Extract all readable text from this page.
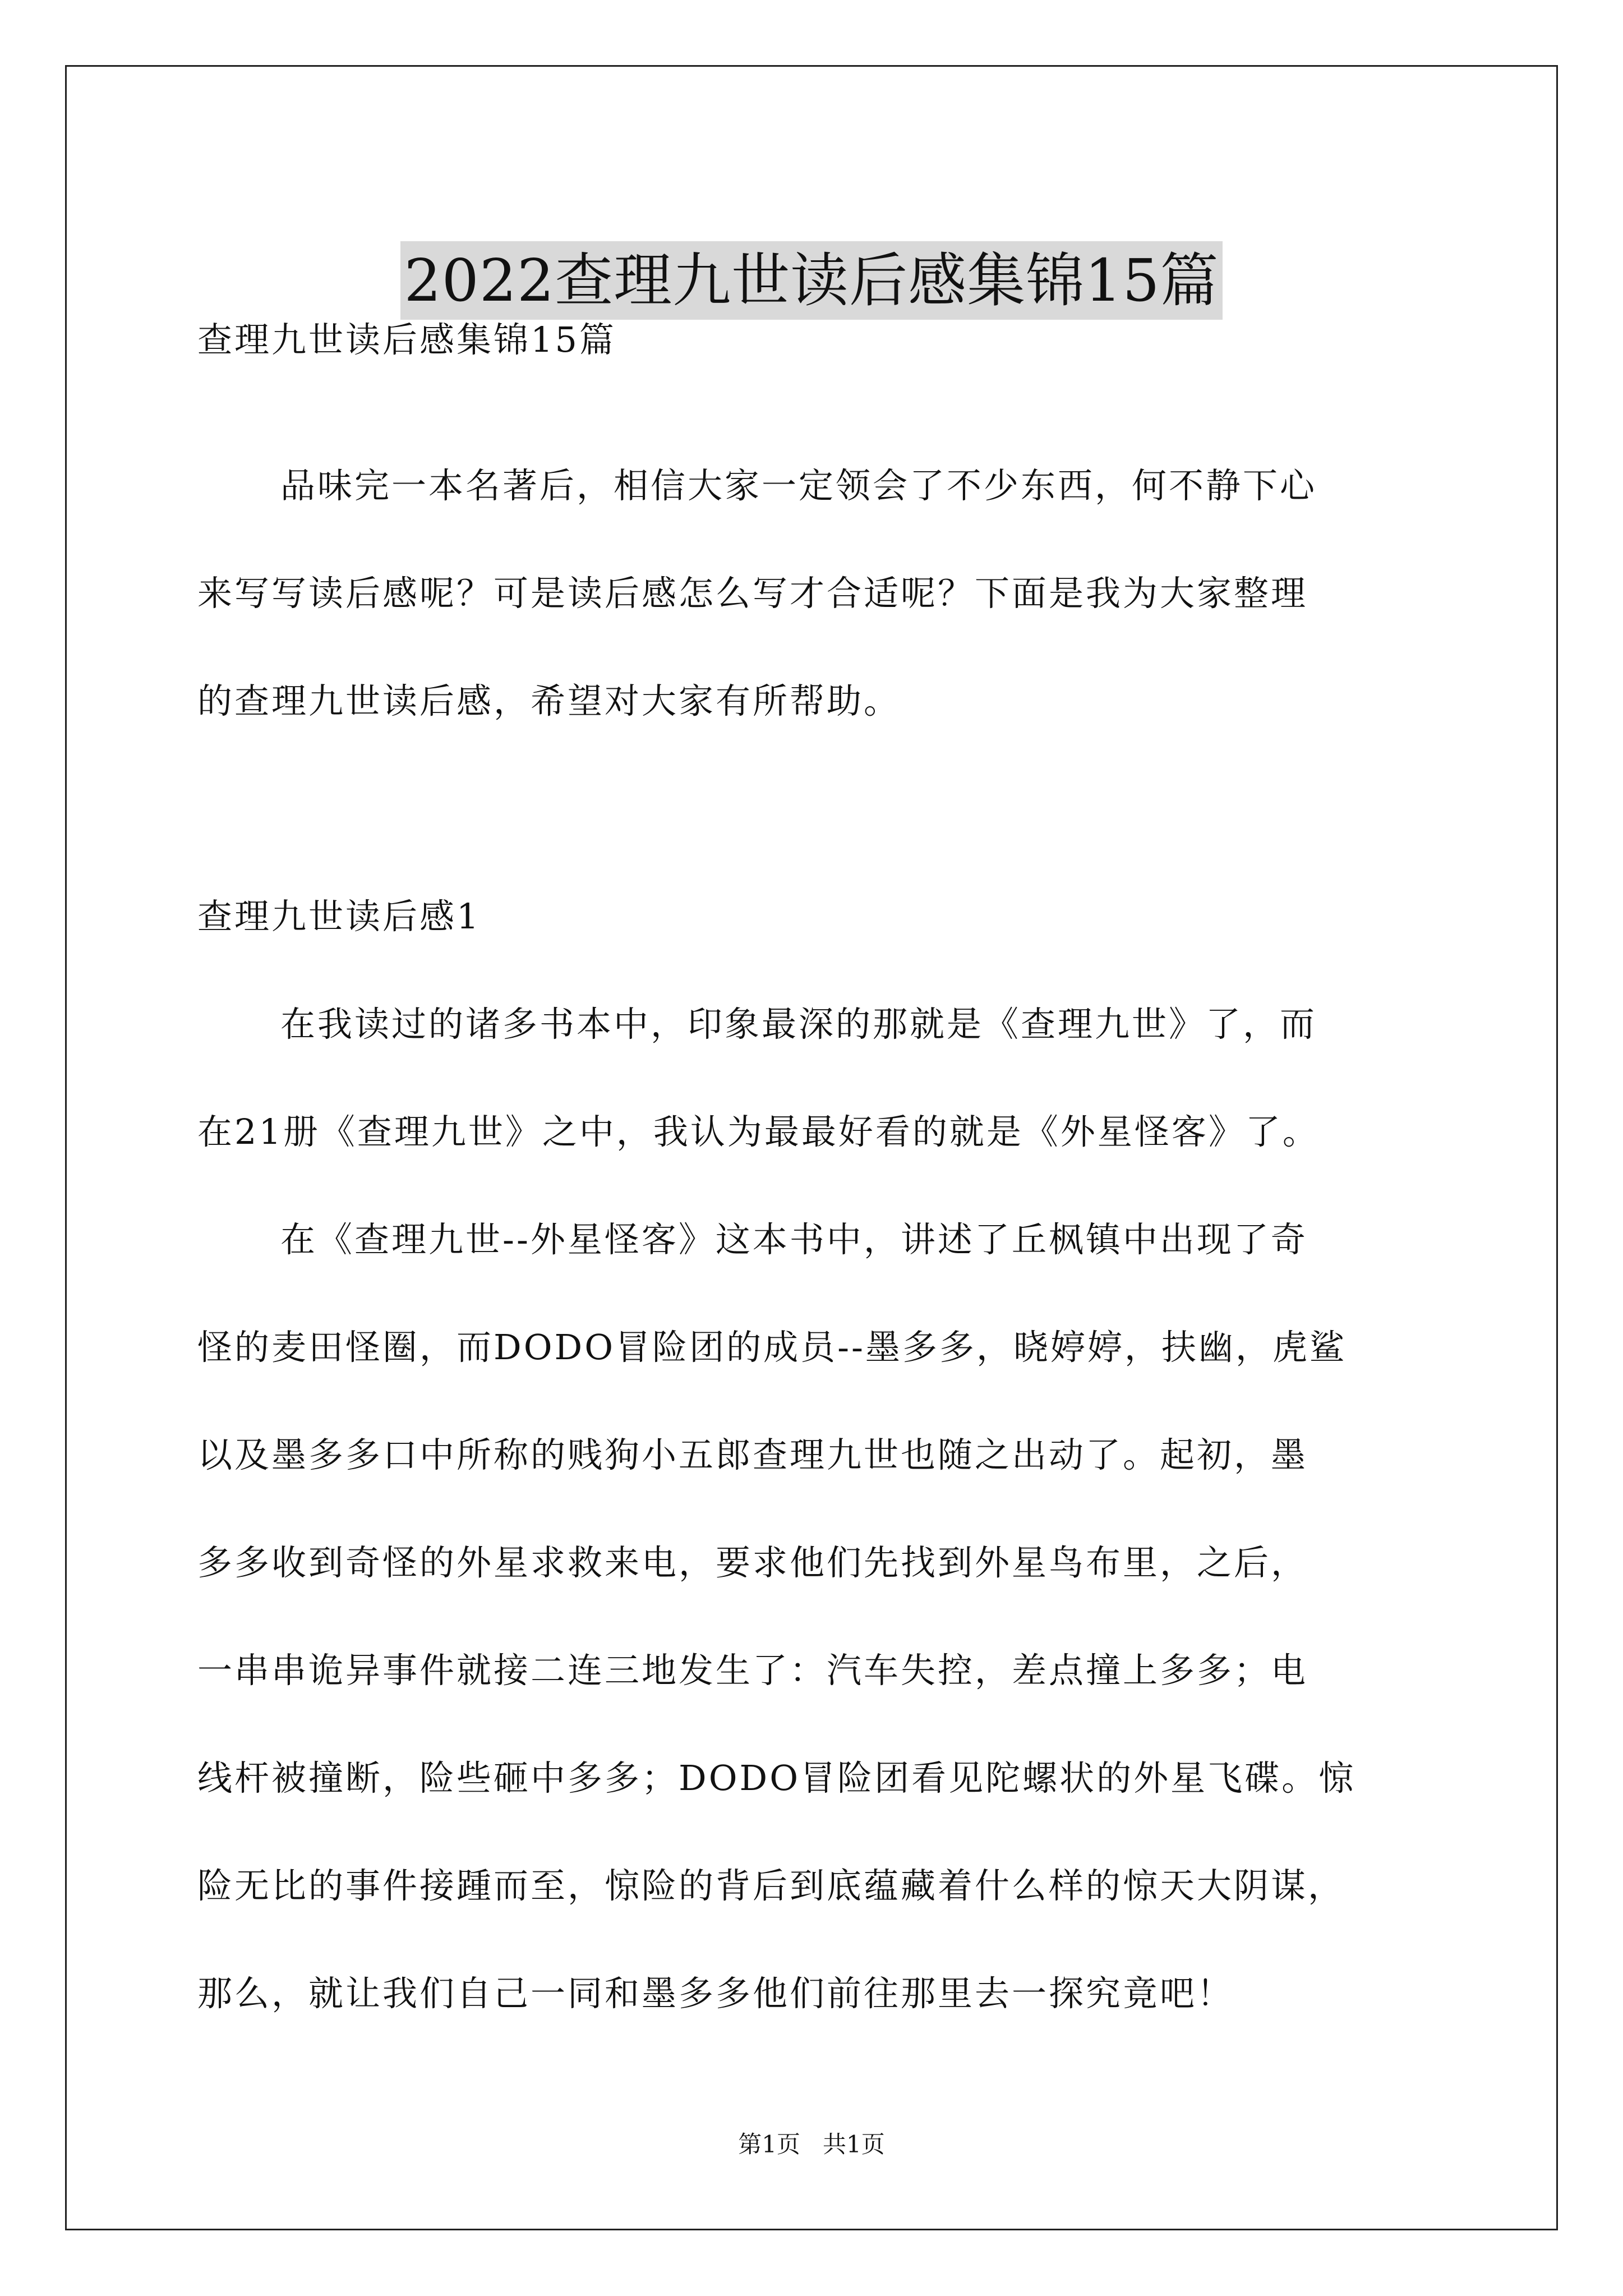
2022查理九世读后感集锦15篇
查理九世读后感集锦15篇
品味完一本名著后，相信大家一定领会了不少东西，何不静下心
来写写读后感呢？可是读后感怎么写才合适呢？下面是我为大家整理
的查理九世读后感，希望对大家有所帮助。
查理九世读后感1
在我读过的诸多书本中，印象最深的那就是《查理九世》了，而
在21册《查理九世》之中，我认为最最好看的就是《外星怪客》了。
在《查理九世--外星怪客》这本书中，讲述了丘枫镇中出现了奇
怪的麦田怪圈，而DODO冒险团的成员--墨多多，晓婷婷，扶幽，虎鲨
以及墨多多口中所称的贱狗小五郎查理九世也随之出动了。起初，墨
多多收到奇怪的外星求救来电，要求他们先找到外星鸟布里，之后，
一串串诡异事件就接二连三地发生了：汽车失控，差点撞上多多；电
线杆被撞断，险些砸中多多；DODO冒险团看见陀螺状的外星飞碟。惊
险无比的事件接踵而至，惊险的背后到底蕴藏着什么样的惊天大阴谋，
那么，就让我们自己一同和墨多多他们前往那里去一探究竟吧！
第1页   共1页
